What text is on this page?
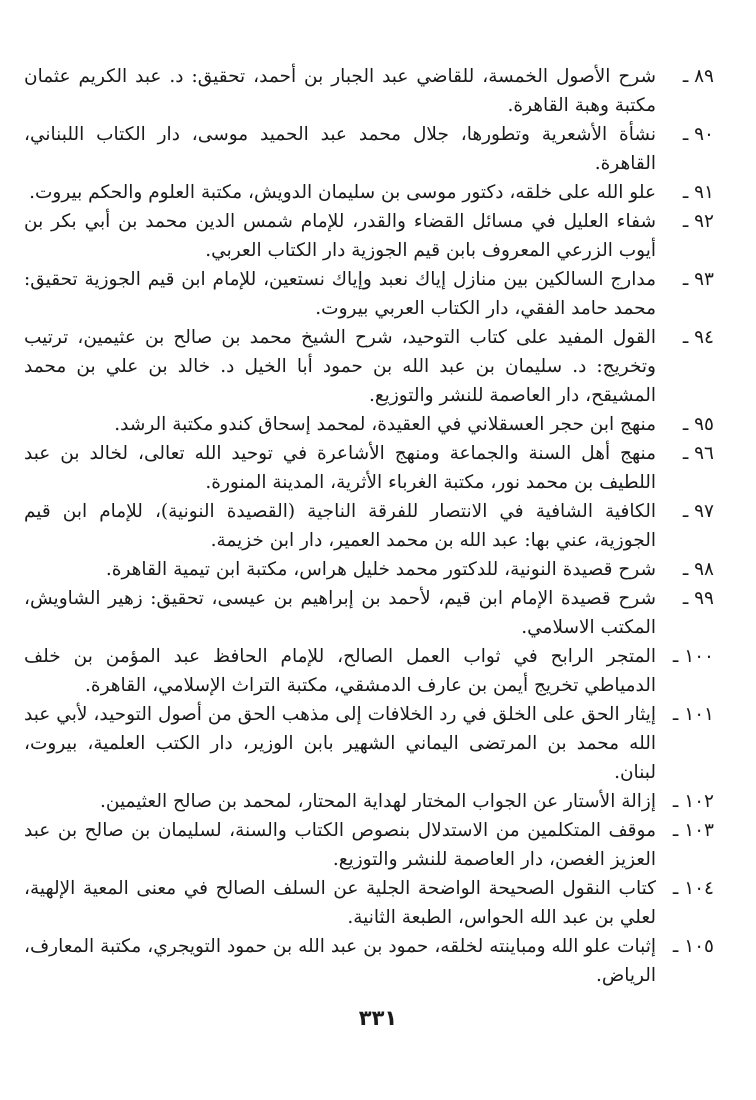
٨٩ ـ
شرح الأصول الخمسة، للقاضي عبد الجبار بن أحمد، تحقيق: د. عبد الكريم عثمان مكتبة وهبة القاهرة.
٩٠ ـ
نشأة الأشعرية وتطورها، جلال محمد عبد الحميد موسى، دار الكتاب اللبناني، القاهرة.
٩١ ـ
علو الله على خلقه، دكتور موسى بن سليمان الدويش، مكتبة العلوم والحكم بيروت.
٩٢ ـ
شفاء العليل في مسائل القضاء والقدر، للإمام شمس الدين محمد بن أبي بكر بن أيوب الزرعي المعروف بابن قيم الجوزية دار الكتاب العربي.
٩٣ ـ
مدارج السالكين بين منازل إياك نعبد وإياك نستعين، للإمام ابن قيم الجوزية تحقيق: محمد حامد الفقي، دار الكتاب العربي بيروت.
٩٤ ـ
القول المفيد على كتاب التوحيد، شرح الشيخ محمد بن صالح بن عثيمين، ترتيب وتخريج: د. سليمان بن عبد الله بن حمود أبا الخيل د. خالد بن علي بن محمد المشيقح، دار العاصمة للنشر والتوزيع.
٩٥ ـ
منهج ابن حجر العسقلاني في العقيدة، لمحمد إسحاق كندو مكتبة الرشد.
٩٦ ـ
منهج أهل السنة والجماعة ومنهج الأشاعرة في توحيد الله تعالى، لخالد بن عبد اللطيف بن محمد نور، مكتبة الغرباء الأثرية، المدينة المنورة.
٩٧ ـ
الكافية الشافية في الانتصار للفرقة الناجية (القصيدة النونية)، للإمام ابن قيم الجوزية، عني بها: عبد الله بن محمد العمير، دار ابن خزيمة.
٩٨ ـ
شرح قصيدة النونية، للدكتور محمد خليل هراس، مكتبة ابن تيمية القاهرة.
٩٩ ـ
شرح قصيدة الإمام ابن قيم، لأحمد بن إبراهيم بن عيسى، تحقيق: زهير الشاويش، المكتب الاسلامي.
١٠٠ ـ
المتجر الرابح في ثواب العمل الصالح، للإمام الحافظ عبد المؤمن بن خلف الدمياطي تخريج أيمن بن عارف الدمشقي، مكتبة التراث الإسلامي، القاهرة.
١٠١ ـ
إيثار الحق على الخلق في رد الخلافات إلى مذهب الحق من أصول التوحيد، لأبي عبد الله محمد بن المرتضى اليماني الشهير بابن الوزير، دار الكتب العلمية، بيروت، لبنان.
١٠٢ ـ
إزالة الأستار عن الجواب المختار لهداية المحتار، لمحمد بن صالح العثيمين.
١٠٣ ـ
موقف المتكلمين من الاستدلال بنصوص الكتاب والسنة، لسليمان بن صالح بن عبد العزيز الغصن، دار العاصمة للنشر والتوزيع.
١٠٤ ـ
كتاب النقول الصحيحة الواضحة الجلية عن السلف الصالح في معنى المعية الإلهية، لعلي بن عبد الله الحواس، الطبعة الثانية.
١٠٥ ـ
إثبات علو الله ومباينته لخلقه، حمود بن عبد الله بن حمود التويجري، مكتبة المعارف، الرياض.
٣٣١
